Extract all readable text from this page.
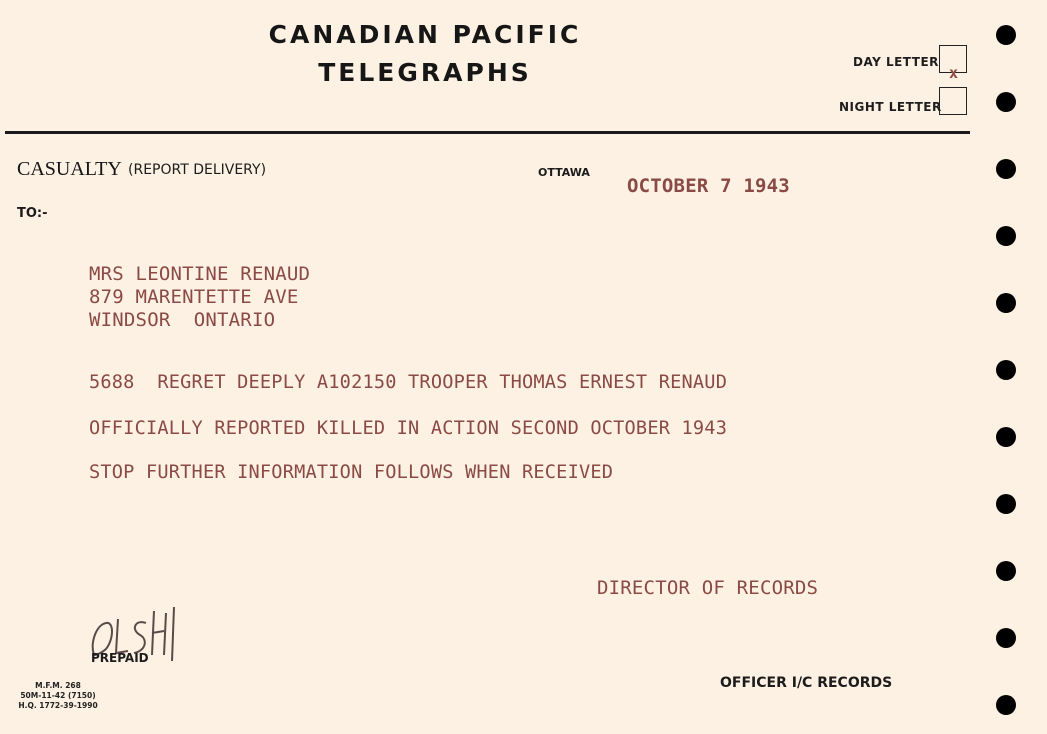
CANADIAN PACIFIC
TELEGRAPHS	DAY LETTER
x
NIGHT LETTER
CASUALTY (REPORT DELIVERY)	OTTAWA
OCTOBER 7 1943
TO:-
MRS LEONTINE RENAUD
879 MARENTETTE AVE
WINDSOR  ONTARIO
5688  REGRET DEEPLY A102150 TROOPER THOMAS ERNEST RENAUD
OFFICIALLY REPORTED KILLED IN ACTION SECOND OCTOBER 1943
STOP FURTHER INFORMATION FOLLOWS WHEN RECEIVED
DIRECTOR OF RECORDS
PREPAID
M.F.M. 268
50M-11-42 (7150)
H.Q. 1772-39-1990
OFFICER I/C RECORDS
